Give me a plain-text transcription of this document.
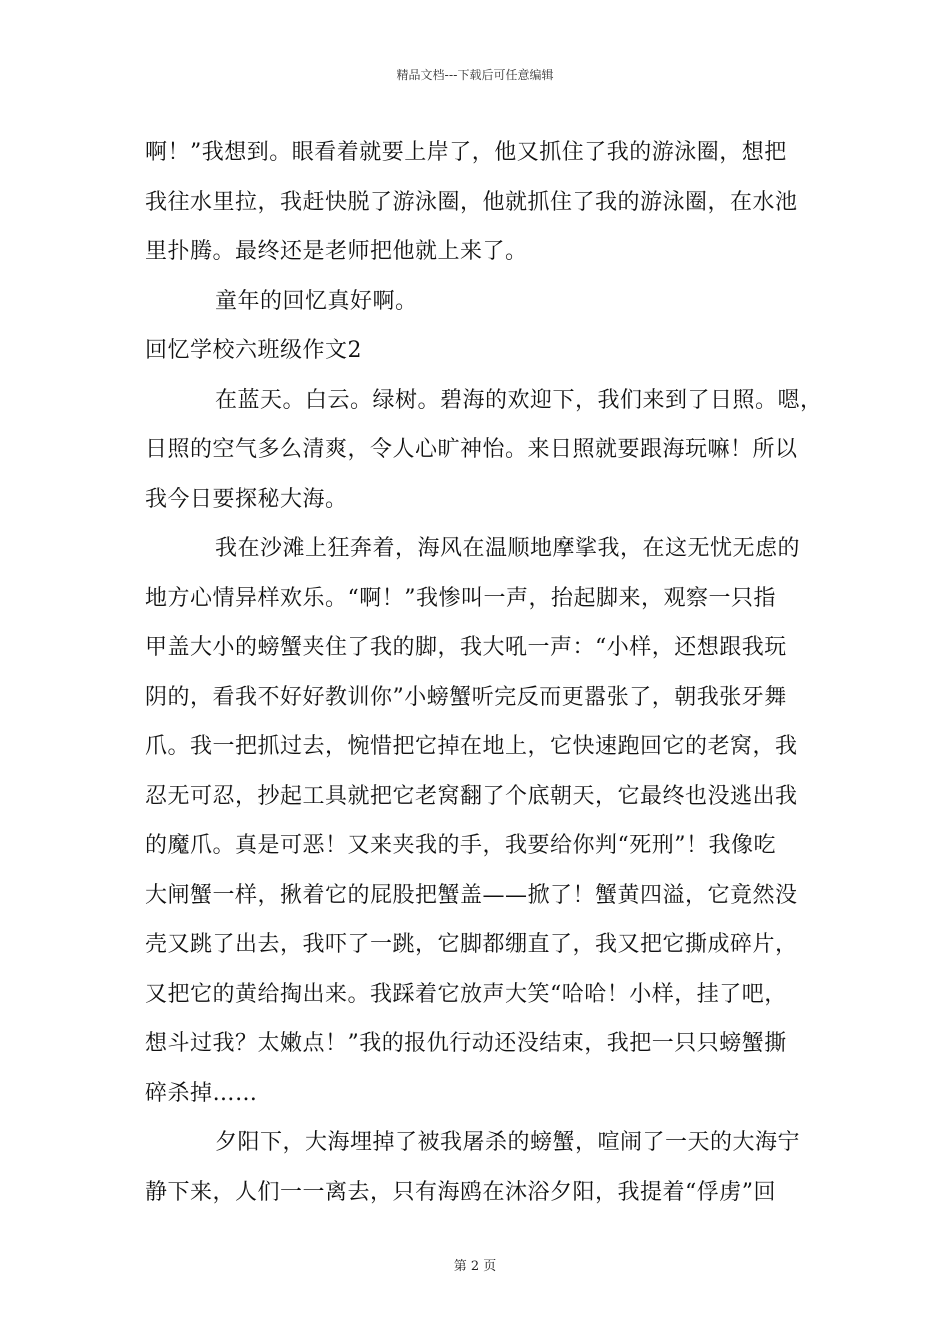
精品文档---下载后可任意编辑
啊！”我想到。眼看着就要上岸了，他又抓住了我的游泳圈，想把
我往水里拉，我赶快脱了游泳圈，他就抓住了我的游泳圈，在水池
里扑腾。最终还是老师把他就上来了。
童年的回忆真好啊。
回忆学校六班级作文2
在蓝天。白云。绿树。碧海的欢迎下，我们来到了日照。嗯，
日照的空气多么清爽，令人心旷神怡。来日照就要跟海玩嘛！所以
我今日要探秘大海。
我在沙滩上狂奔着，海风在温顺地摩挲我，在这无忧无虑的
地方心情异样欢乐。“啊！”我惨叫一声，抬起脚来，观察一只指
甲盖大小的螃蟹夹住了我的脚，我大吼一声：“小样，还想跟我玩
阴的，看我不好好教训你”小螃蟹听完反而更嚣张了，朝我张牙舞
爪。我一把抓过去，惋惜把它掉在地上，它快速跑回它的老窝，我
忍无可忍，抄起工具就把它老窝翻了个底朝天，它最终也没逃出我
的魔爪。真是可恶！又来夹我的手，我要给你判“死刑”！我像吃
大闸蟹一样，揪着它的屁股把蟹盖——掀了！蟹黄四溢，它竟然没
壳又跳了出去，我吓了一跳，它脚都绷直了，我又把它撕成碎片，
又把它的黄给掏出来。我踩着它放声大笑“哈哈！小样，挂了吧，
想斗过我？太嫩点！”我的报仇行动还没结束，我把一只只螃蟹撕
碎杀掉……
夕阳下，大海埋掉了被我屠杀的螃蟹，喧闹了一天的大海宁
静下来，人们一一离去，只有海鸥在沐浴夕阳，我提着“俘虏”回
第 2 页
